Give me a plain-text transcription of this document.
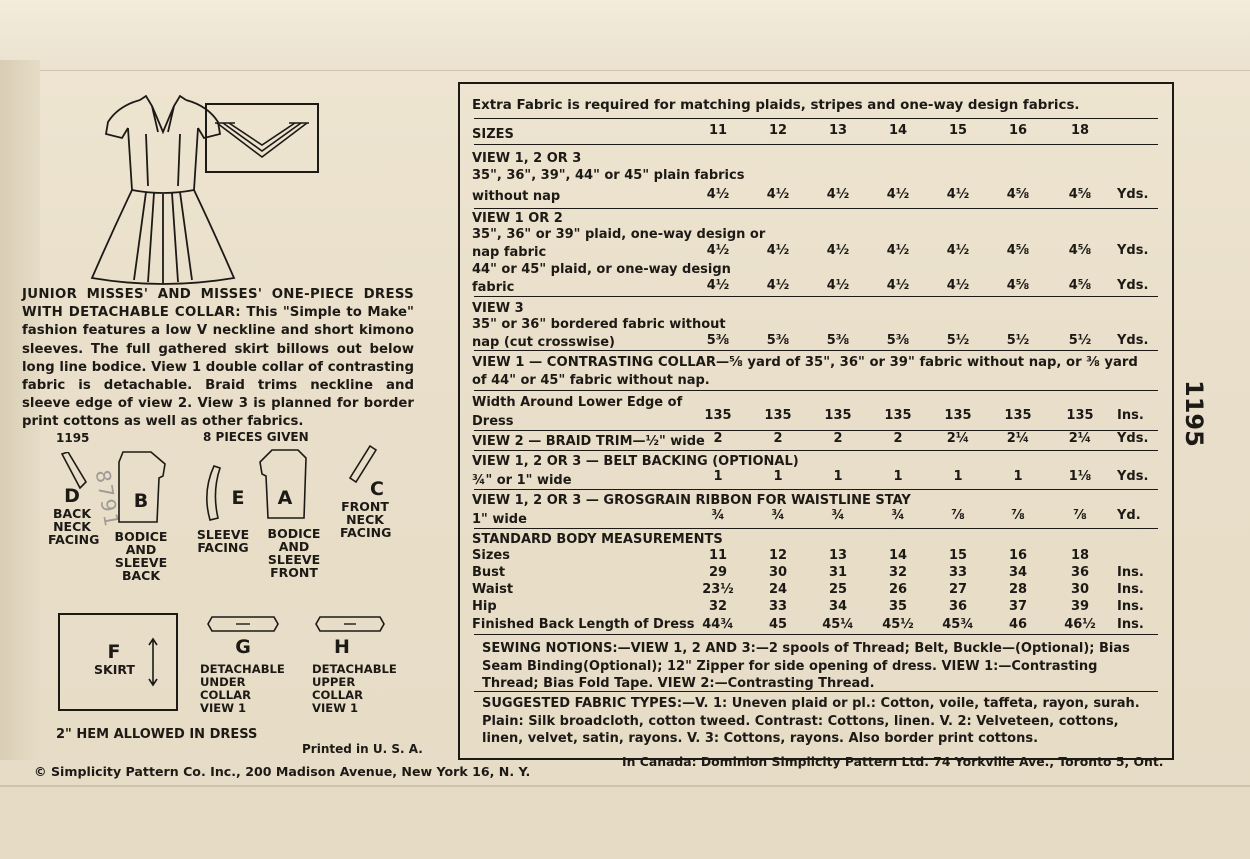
JUNIOR MISSES' AND MISSES' ONE-PIECE DRESS WITH DETACHABLE COLLAR: This "Simple to Make" fashion features a low V neckline and short kimono sleeves. The full gathered skirt billows out below long line bodice. View 1 double collar of contrasting fabric is detachable. Braid trims neckline and sleeve edge of view 2. View 3 is planned for border print cottons as well as other fabrics.
1195	8 PIECES GIVEN
8791
D
BACK
NECK
FACING
B
BODICE
AND
SLEEVE
BACK
E
SLEEVE
FACING
A
BODICE
AND
SLEEVE
FRONT
C
FRONT
NECK
FACING
F
SKIRT
G
DETACHABLE
UNDER
COLLAR
VIEW 1
H
DETACHABLE
UPPER
COLLAR
VIEW 1
2" HEM ALLOWED IN DRESS
Printed in U. S. A.
© Simplicity Pattern Co. Inc., 200 Madison Avenue, New York 16, N. Y.
In Canada: Dominion Simplicity Pattern Ltd. 74 Yorkville Ave., Toronto 5, Ont.
1195
Extra Fabric is required for matching plaids, stripes and one-way design fabrics.
SIZES	11	12	13	14	15	16	18
VIEW 1, 2 OR 3
35", 36", 39", 44" or 45" plain fabrics
without nap	4½	4½	4½	4½	4½	4⅝	4⅝	Yds.
VIEW 1 OR 2
35", 36" or 39" plaid, one-way design or
nap fabric	4½	4½	4½	4½	4½	4⅝	4⅝	Yds.
44" or 45" plaid, or one-way design
fabric	4½	4½	4½	4½	4½	4⅝	4⅝	Yds.
VIEW 3
35" or 36" bordered fabric without
nap (cut crosswise)	5⅜	5⅜	5⅜	5⅜	5½	5½	5½	Yds.
VIEW 1 — CONTRASTING COLLAR—⅝ yard of 35", 36" or 39" fabric without nap, or ⅜ yard
of 44" or 45" fabric without nap.
Width Around Lower Edge of
Dress	135	135	135	135	135	135	135	Ins.
VIEW 2 — BRAID TRIM—½" wide 2	2	2	2	2¼	2¼	2¼	Yds.
VIEW 1, 2 OR 3 — BELT BACKING (OPTIONAL)
¾" or 1" wide	1	1	1	1	1	1	1⅛	Yds.
VIEW 1, 2 OR 3 — GROSGRAIN RIBBON FOR WAISTLINE STAY
1" wide	¾	¾	¾	¾	⅞	⅞	⅞	Yd.
STANDARD BODY MEASUREMENTS
Sizes	11	12	13	14	15	16	18
Bust	29	30	31	32	33	34	36	Ins.
Waist	23½	24	25	26	27	28	30	Ins.
Hip	32	33	34	35	36	37	39	Ins.
Finished Back Length of Dress 44¾	45	45¼	45½	45¾	46	46½	Ins.
SEWING NOTIONS:—VIEW 1, 2 AND 3:—2 spools of Thread; Belt, Buckle—(Optional); Bias Seam Binding(Optional); 12" Zipper for side opening of dress. VIEW 1:—Contrasting Thread; Bias Fold Tape. VIEW 2:—Contrasting Thread.
SUGGESTED FABRIC TYPES:—V. 1: Uneven plaid or pl.: Cotton, voile, taffeta, rayon, surah. Plain: Silk broadcloth, cotton tweed. Contrast: Cottons, linen. V. 2: Velveteen, cottons, linen, velvet, satin, rayons. V. 3: Cottons, rayons. Also border print cottons.
